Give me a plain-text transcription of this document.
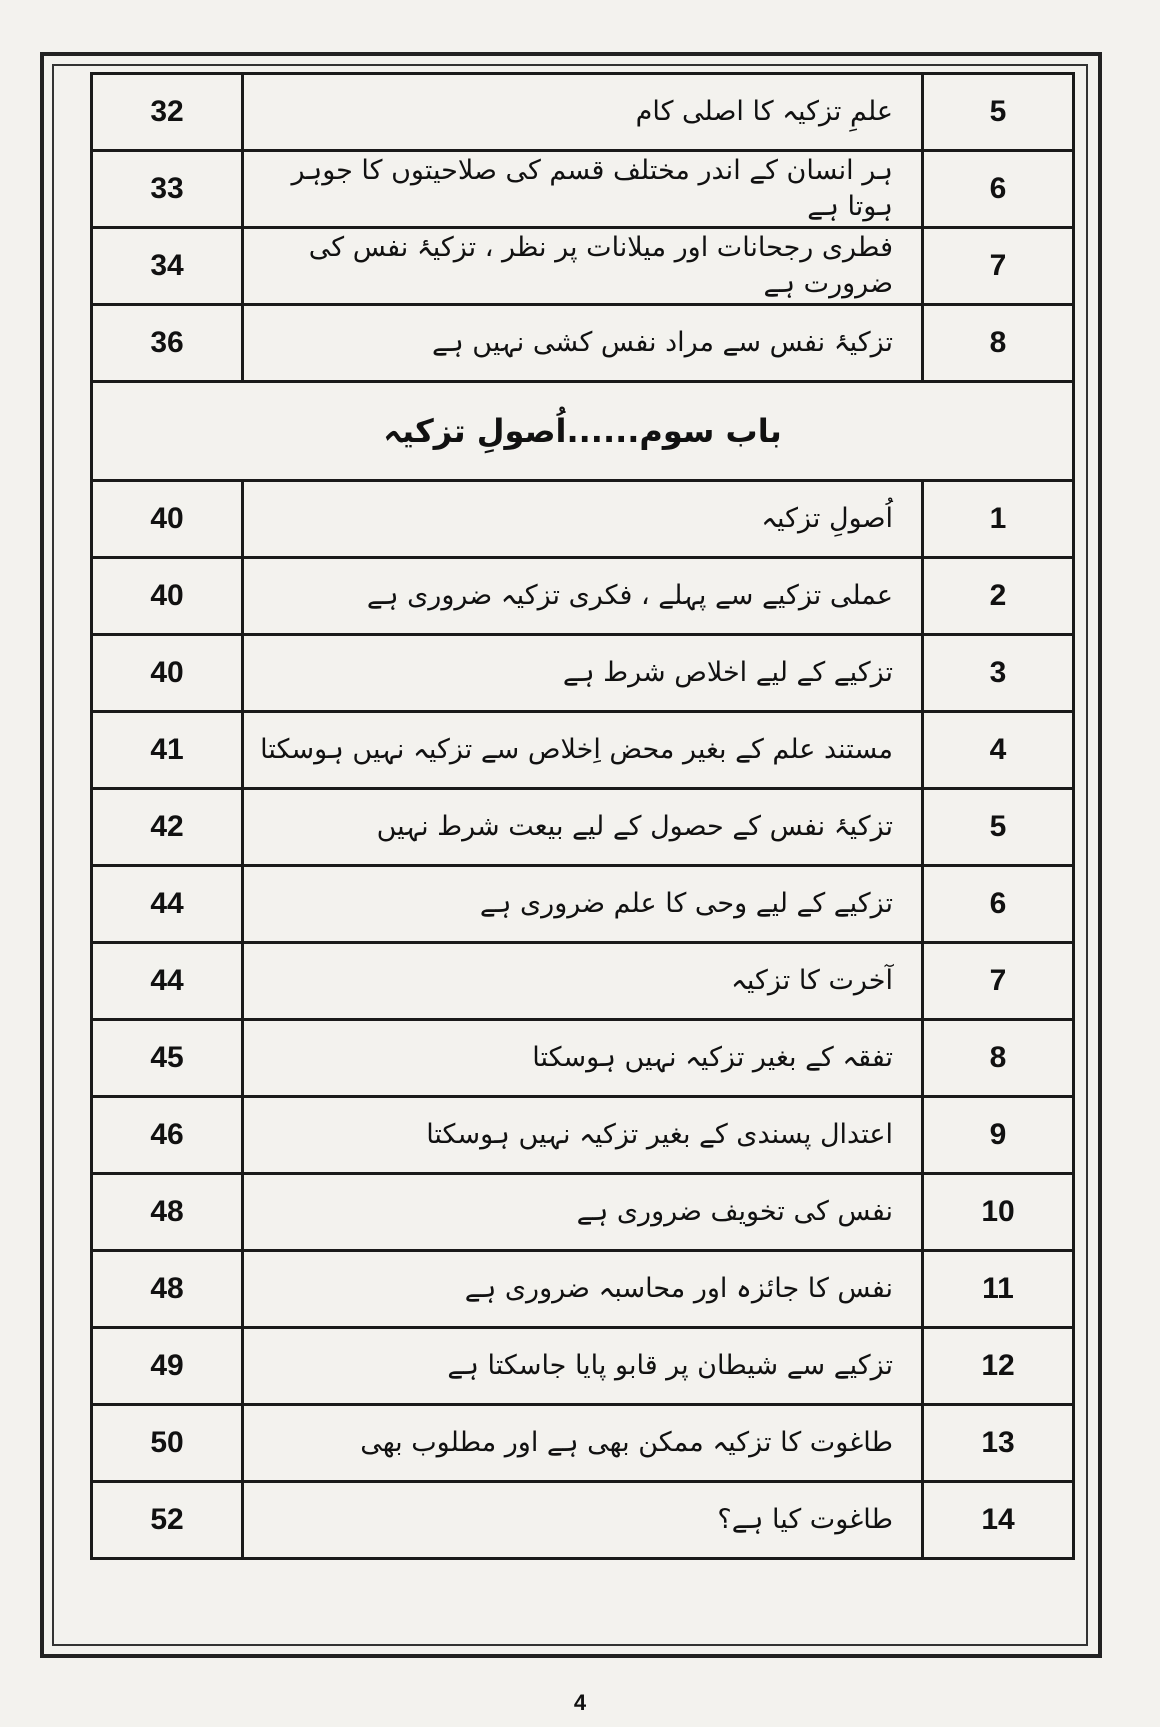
32	علمِ تزکیہ کا اصلی کام	5
33	ہر انسان کے اندر مختلف قسم کی صلاحیتوں کا جوہر ہوتا ہے	6
34	فطری رجحانات اور میلانات پر نظر ، تزکیۂ نفس کی ضرورت ہے	7
36	تزکیۂ نفس سے مراد نفس کشی نہیں ہے	8
باب سوم......اُصولِ تزکیہ		
40	اُصولِ تزکیہ	1
40	عملی تزکیے سے پہلے ، فکری تزکیہ ضروری ہے	2
40	تزکیے کے لیے اخلاص شرط ہے	3
41	مستند علم کے بغیر محض اِخلاص سے تزکیہ نہیں ہوسکتا	4
42	تزکیۂ نفس کے حصول کے لیے بیعت شرط نہیں	5
44	تزکیے کے لیے وحی کا علم ضروری ہے	6
44	آخرت کا تزکیہ	7
45	تفقہ کے بغیر تزکیہ نہیں ہوسکتا	8
46	اعتدال پسندی کے بغیر تزکیہ نہیں ہوسکتا	9
48	نفس کی تخویف ضروری ہے	10
48	نفس کا جائزہ اور محاسبہ ضروری ہے	11
49	تزکیے سے شیطان پر قابو پایا جاسکتا ہے	12
50	طاغوت کا تزکیہ ممکن بھی ہے اور مطلوب بھی	13
52	طاغوت کیا ہے؟	14
4
